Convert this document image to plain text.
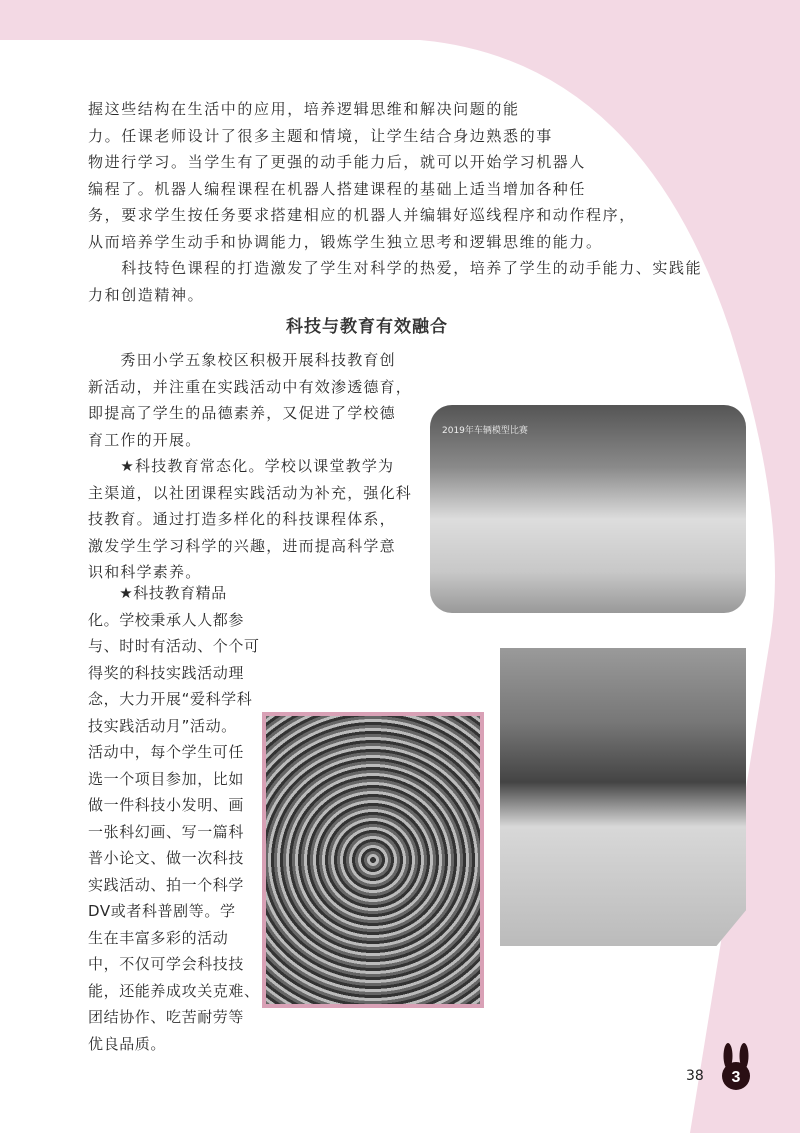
握这些结构在生活中的应用，培养逻辑思维和解决问题的能
力。任课老师设计了很多主题和情境，让学生结合身边熟悉的事
物进行学习。当学生有了更强的动手能力后，就可以开始学习机器人
编程了。机器人编程课程在机器人搭建课程的基础上适当增加各种任
务，要求学生按任务要求搭建相应的机器人并编辑好巡线程序和动作程序，
从而培养学生动手和协调能力，锻炼学生独立思考和逻辑思维的能力。
　　科技特色课程的打造激发了学生对科学的热爱，培养了学生的动手能力、实践能
力和创造精神。
科技与教育有效融合
　　秀田小学五象校区积极开展科技教育创
新活动，并注重在实践活动中有效渗透德育，
即提高了学生的品德素养，又促进了学校德
育工作的开展。
　　★科技教育常态化。学校以课堂教学为
主渠道，以社团课程实践活动为补充，强化科
技教育。通过打造多样化的科技课程体系，
激发学生学习科学的兴趣，进而提高科学意
识和科学素养。
　　★科技教育精品
化。学校秉承人人都参
与、时时有活动、个个可
得奖的科技实践活动理
念，大力开展“爱科学科
技实践活动月”活动。
活动中，每个学生可任
选一个项目参加，比如
做一件科技小发明、画
一张科幻画、写一篇科
普小论文、做一次科技
实践活动、拍一个科学
DV或者科普剧等。学
生在丰富多彩的活动
中，不仅可学会科技技
能，还能养成攻关克难、
团结协作、吃苦耐劳等
优良品质。
2019年车辆模型比赛
38 3
